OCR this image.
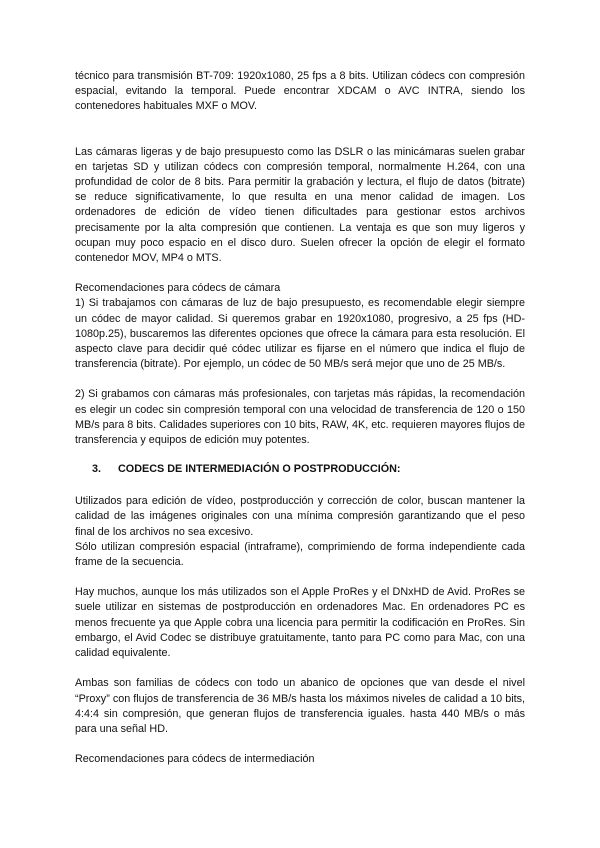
técnico para transmisión BT-709: 1920x1080, 25 fps a 8 bits. Utilizan códecs con compresión espacial, evitando la temporal. Puede encontrar XDCAM o AVC INTRA, siendo los contenedores habituales MXF o MOV.

Las cámaras ligeras y de bajo presupuesto como las DSLR o las minicámaras suelen grabar en tarjetas SD y utilizan códecs con compresión temporal, normalmente H.264, con una profundidad de color de 8 bits. Para permitir la grabación y lectura, el flujo de datos (bitrate) se reduce significativamente, lo que resulta en una menor calidad de imagen. Los ordenadores de edición de vídeo tienen dificultades para gestionar estos archivos precisamente por la alta compresión que contienen. La ventaja es que son muy ligeros y ocupan muy poco espacio en el disco duro. Suelen ofrecer la opción de elegir el formato contenedor MOV, MP4 o MTS.

Recomendaciones para códecs de cámara

1) Si trabajamos con cámaras de luz de bajo presupuesto, es recomendable elegir siempre un códec de mayor calidad. Si queremos grabar en 1920x1080, progresivo, a 25 fps (HD-1080p.25), buscaremos las diferentes opciones que ofrece la cámara para esta resolución. El aspecto clave para decidir qué códec utilizar es fijarse en el número que indica el flujo de transferencia (bitrate). Por ejemplo, un códec de 50 MB/s será mejor que uno de 25 MB/s.

2) Si grabamos con cámaras más profesionales, con tarjetas más rápidas, la recomendación es elegir un codec sin compresión temporal con una velocidad de transferencia de 120 o 150 MB/s para 8 bits. Calidades superiores con 10 bits, RAW, 4K, etc. requieren mayores flujos de transferencia y equipos de edición muy potentes.

3.	CODECS DE INTERMEDIACIÓN O POSTPRODUCCIÓN:

Utilizados para edición de vídeo, postproducción y corrección de color, buscan mantener la calidad de las imágenes originales con una mínima compresión garantizando que el peso final de los archivos no sea excesivo.

Sólo utilizan compresión espacial (intraframe), comprimiendo de forma independiente cada frame de la secuencia.

Hay muchos, aunque los más utilizados son el Apple ProRes y el DNxHD de Avid. ProRes se suele utilizar en sistemas de postproducción en ordenadores Mac. En ordenadores PC es menos frecuente ya que Apple cobra una licencia para permitir la codificación en ProRes. Sin embargo, el Avid Codec se distribuye gratuitamente, tanto para PC como para Mac, con una calidad equivalente.

Ambas son familias de códecs con todo un abanico de opciones que van desde el nivel “Proxy” con flujos de transferencia de 36 MB/s hasta los máximos niveles de calidad a 10 bits, 4:4:4 sin compresión, que generan flujos de transferencia iguales. hasta 440 MB/s o más para una señal HD.

Recomendaciones para códecs de intermediación
